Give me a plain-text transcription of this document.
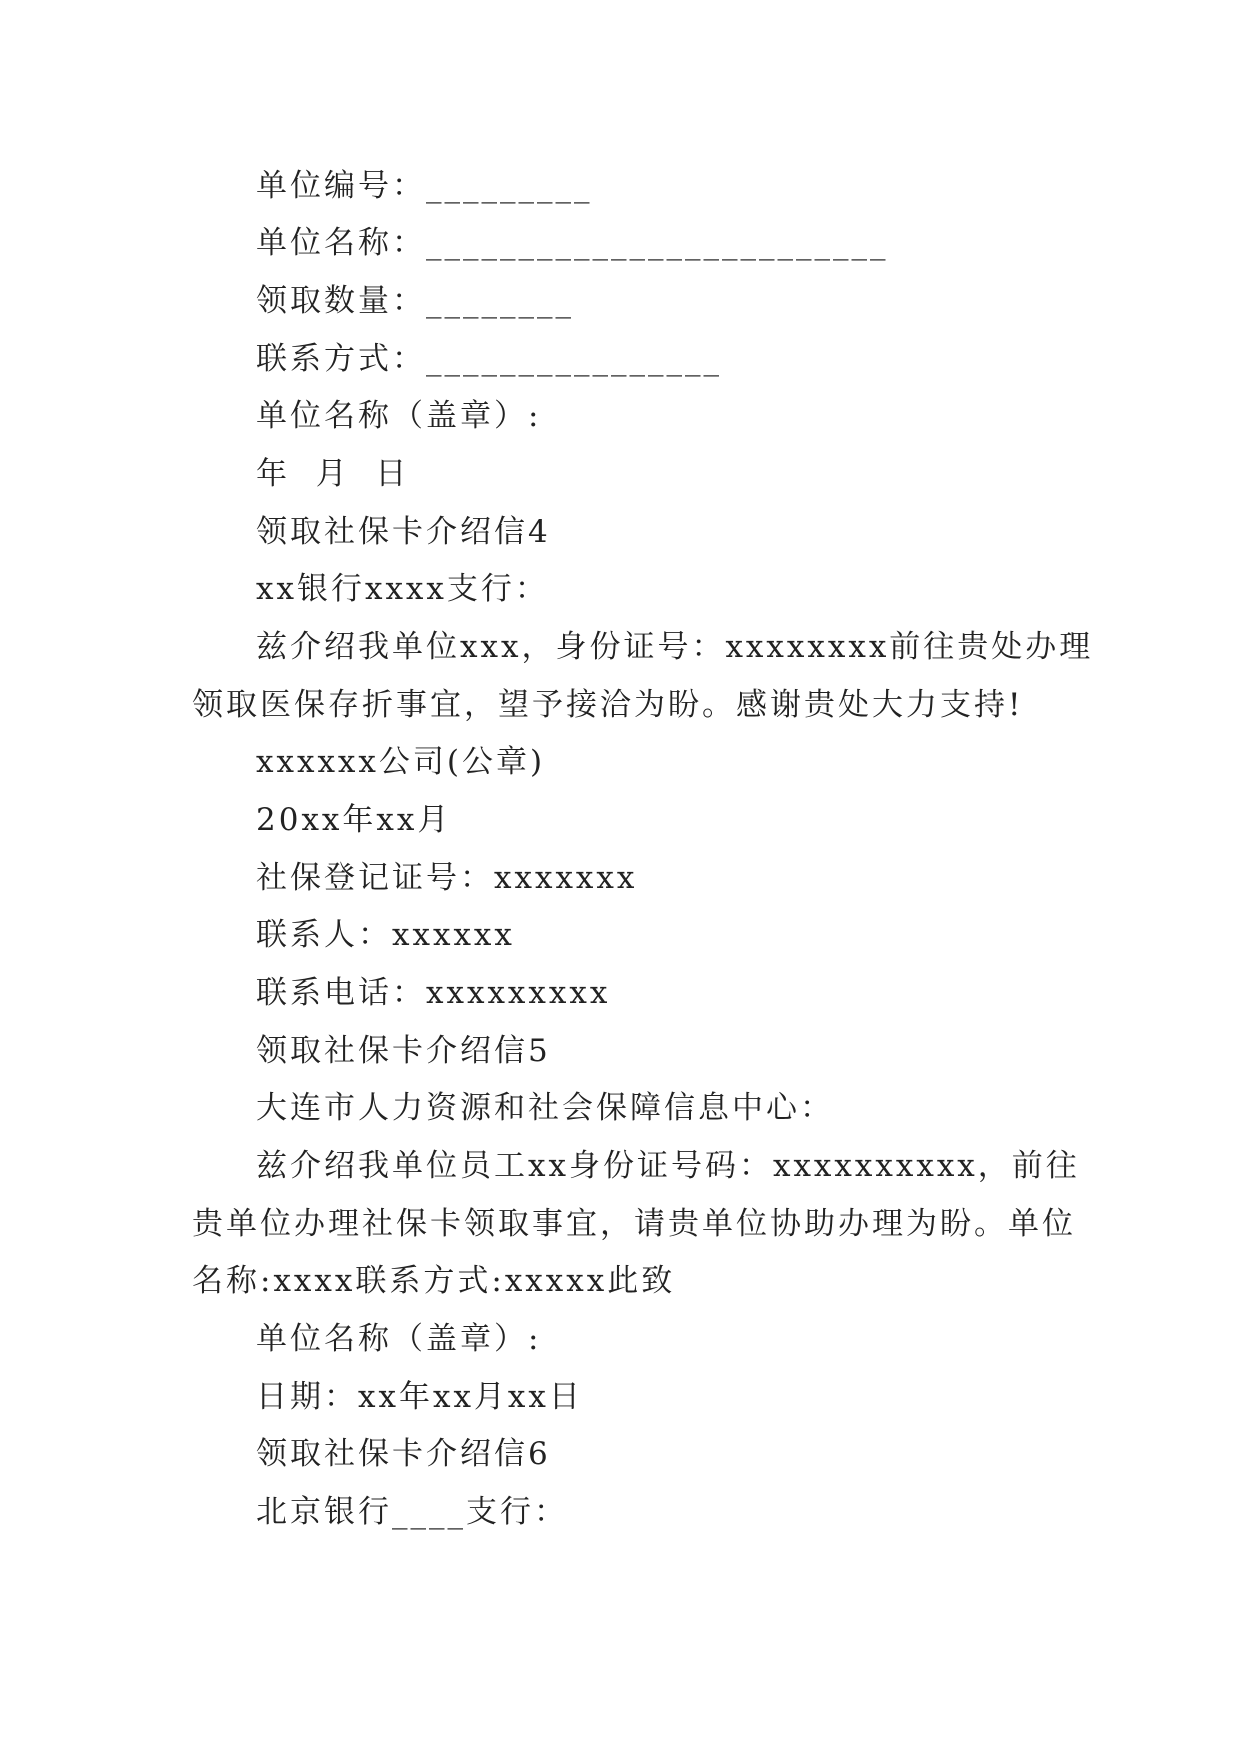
单位编号：_________
单位名称：_________________________
领取数量：________
联系方式：________________
单位名称（盖章）:
年  月  日
领取社保卡介绍信4
xx银行xxxx支行：
兹介绍我单位xxx，身份证号：xxxxxxxx前往贵处办理
领取医保存折事宜，望予接洽为盼。感谢贵处大力支持!
xxxxxx公司(公章)
20xx年xx月
社保登记证号：xxxxxxx
联系人：xxxxxx
联系电话：xxxxxxxxx
领取社保卡介绍信5
大连市人力资源和社会保障信息中心：
兹介绍我单位员工xx身份证号码：xxxxxxxxxx，前往
贵单位办理社保卡领取事宜，请贵单位协助办理为盼。单位
名称:xxxx联系方式:xxxxx此致
单位名称（盖章）:
日期：xx年xx月xx日
领取社保卡介绍信6
北京银行____支行：
